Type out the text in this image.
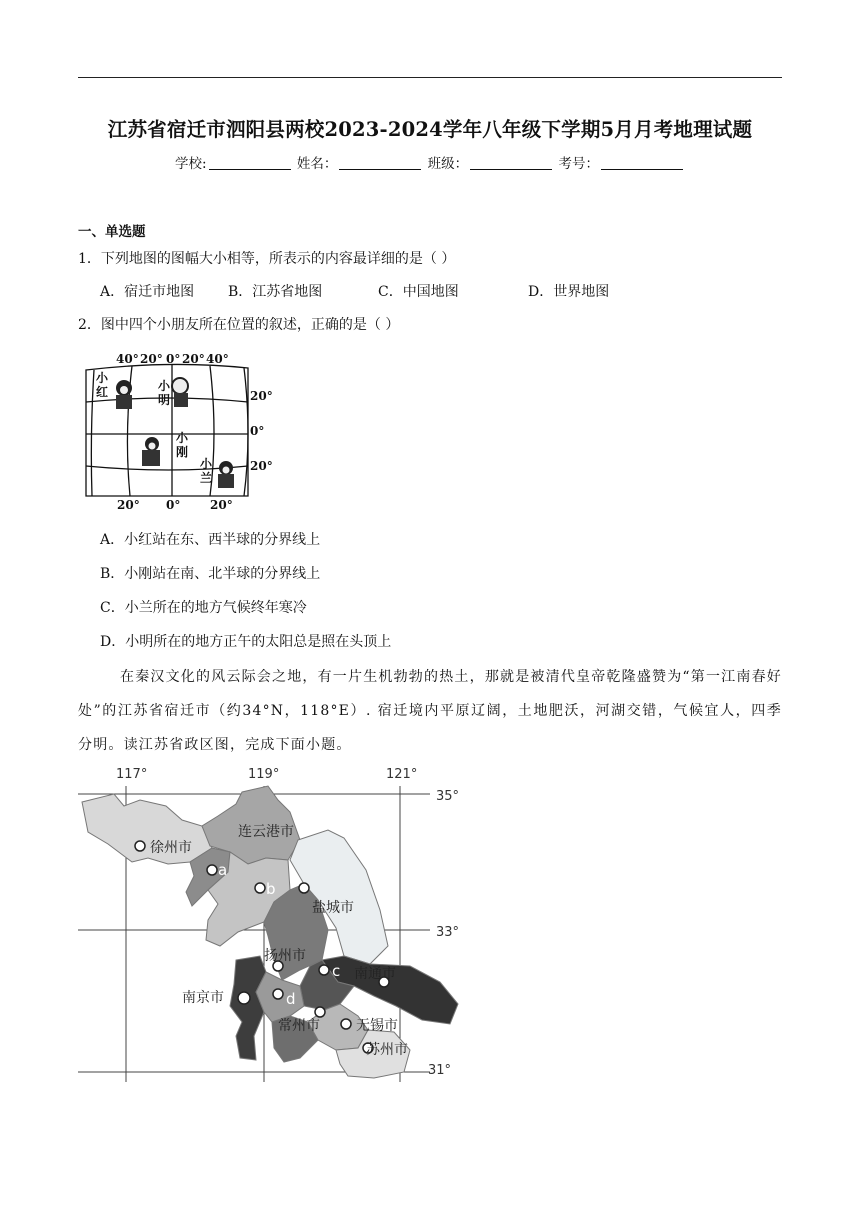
江苏省宿迁市泗阳县两校2023-2024学年八年级下学期5月月考地理试题
学校:	姓名：	班级：	考号：
一、单选题
1．下列地图的图幅大小相等，所表示的内容最详细的是（ ）
A．宿迁市地图 B．江苏省地图	C．中国地图	D．世界地图
2．图中四个小朋友所在位置的叙述，正确的是（ ）
40° 20° 0° 20° 40°
20°
0°
20°
20° 0° 20°
小
红	小
明
小
刚
小
兰
A．小红站在东、西半球的分界线上
B．小刚站在南、北半球的分界线上
C．小兰所在的地方气候终年寒冷
D．小明所在的地方正午的太阳总是照在头顶上
在秦汉文化的风云际会之地，有一片生机勃勃的热土，那就是被清代皇帝乾隆盛赞为“第一江南春好处”的江苏省宿迁市（约34°N，118°E）. 宿迁境内平原辽阔，土地肥沃，河湖交错，气候宜人，四季分明。读江苏省政区图，完成下面小题。
117°	119°	121°
35°
33°
31°
徐州市
连云港市
盐城市
扬州市
南通市
南京市
常州市	无锡市
苏州市
a
b
c
d
